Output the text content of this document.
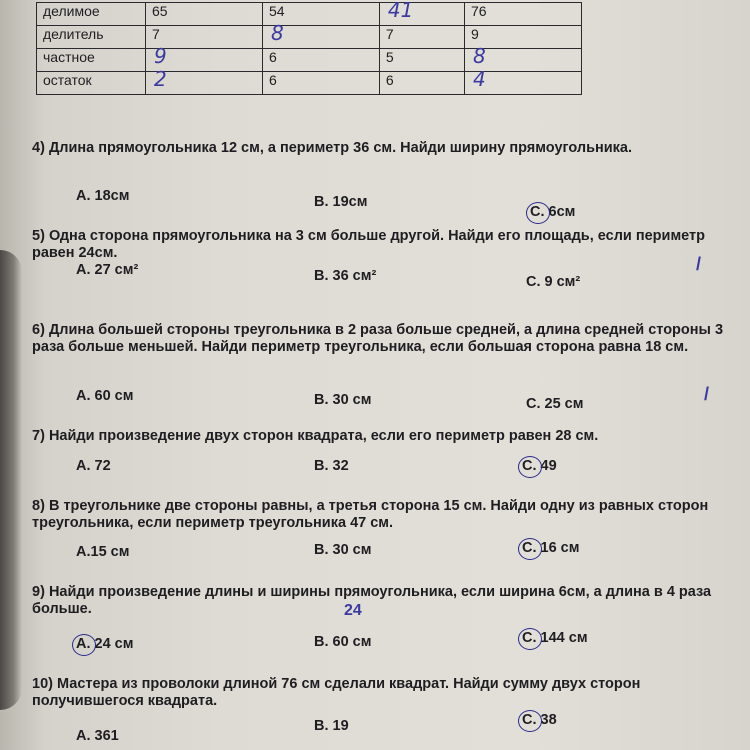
делимое	65	54	41	76
делитель	7	8	7	9
частное	9	6	5	8

остаток	2	6	6	4
4) Длина прямоугольника 12 см, а периметр 36 см. Найди ширину прямоугольника.
А. 18см	В. 19см
С. 6см
5) Одна сторона прямоугольника на 3 см больше другой. Найди его площадь, если периметр равен 24см.
А. 27 см²	В. 36 см²	С. 9 см²
/
6) Длина большей стороны треугольника в 2 раза больше средней, а длина средней стороны 3 раза больше меньшей. Найди периметр треугольника, если большая сторона равна 18 см.
А. 60 см	В. 30 см	С. 25 см	/
7) Найди произведение двух сторон квадрата, если его периметр равен 28 см.
А. 72	В. 32	С. 49
8) В треугольнике две стороны равны, а третья сторона 15 см. Найди одну из равных сторон треугольника, если периметр треугольника 47 см.
А.15 см	В. 30 см	С. 16 см
9) Найди произведение длины и ширины прямоугольника, если ширина 6см, а длина в 4 раза больше.	24
А. 24 см	В. 60 см	С. 144 см
10) Мастера из проволоки длиной 76 см сделали квадрат. Найди сумму двух сторон получившегося квадрата.
А. 361
В. 19	С. 38
